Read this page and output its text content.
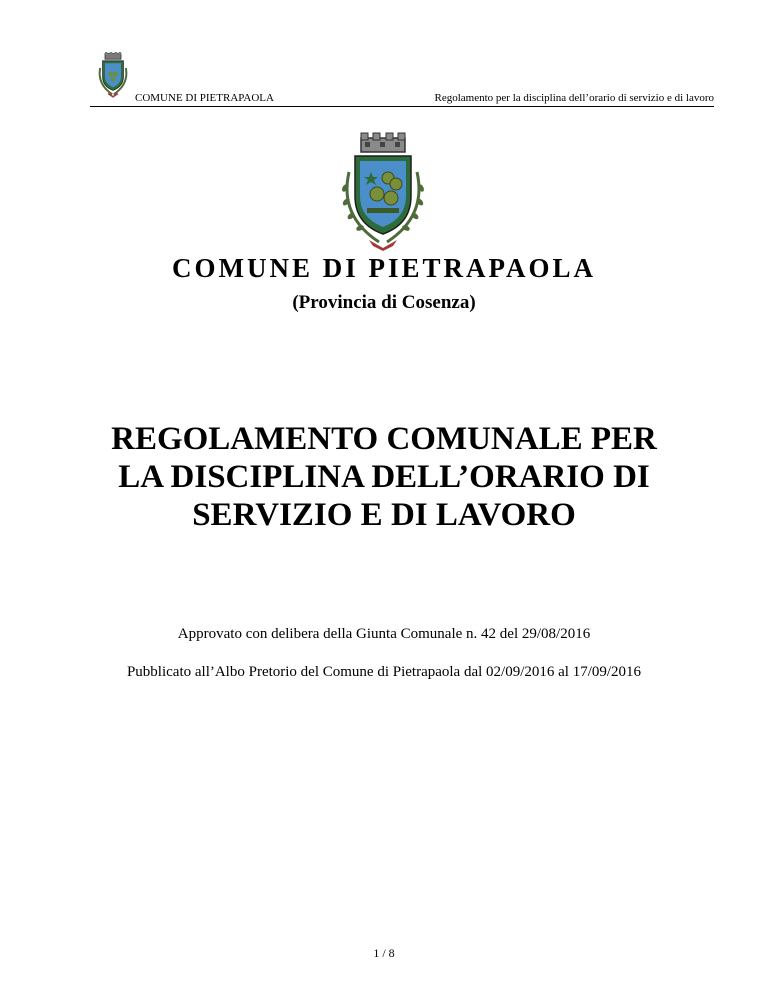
COMUNE DI PIETRAPAOLA	Regolamento per la disciplina dell’orario di servizio e di lavoro
COMUNE DI PIETRAPAOLA
(Provincia di Cosenza)
REGOLAMENTO COMUNALE PER
LA DISCIPLINA DELL’ORARIO DI
SERVIZIO E DI LAVORO
Approvato con delibera della Giunta Comunale n. 42 del 29/08/2016
Pubblicato all’Albo Pretorio del Comune di Pietrapaola dal 02/09/2016 al 17/09/2016
1 / 8
